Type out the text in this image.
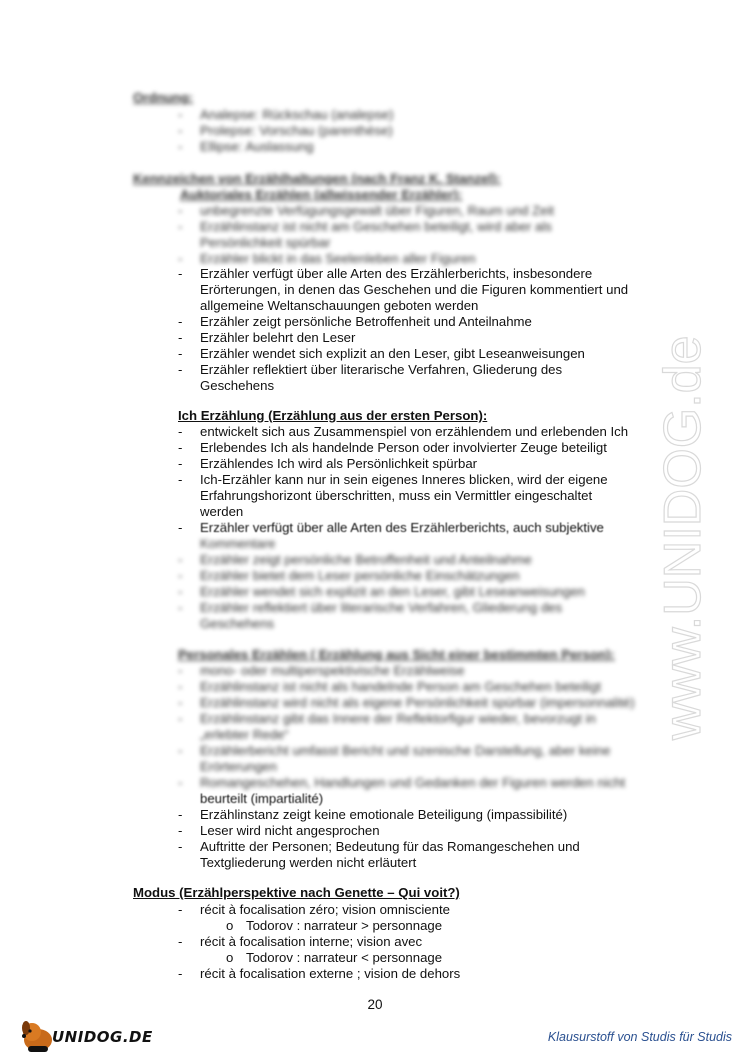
www.UNIDOG.de
20
UNIDOG.DE	Klausurstoff von Studis für Studis
Ordnung:
- Analepse: Rückschau (analepse)
- Prolepse: Vorschau (parenthèse)
- Ellipse: Auslassung
Kennzeichen von Erzählhaltungen (nach Franz K. Stanzel):
Auktoriales Erzählen (allwissender Erzähler):
- unbegrenzte Verfügungsgewalt über Figuren, Raum und Zeit
- Erzählinstanz ist nicht am Geschehen beteiligt, wird aber als
Persönlichkeit spürbar
- Erzähler blickt in das Seelenleben aller Figuren
- Erzähler verfügt über alle Arten des Erzählerberichts, insbesondere
Erörterungen, in denen das Geschehen und die Figuren kommentiert und
allgemeine Weltanschauungen geboten werden
- Erzähler zeigt persönliche Betroffenheit und Anteilnahme
- Erzähler belehrt den Leser
- Erzähler wendet sich explizit an den Leser, gibt Leseanweisungen
- Erzähler reflektiert über literarische Verfahren, Gliederung des
Geschehens
Ich Erzählung (Erzählung aus der ersten Person):
- entwickelt sich aus Zusammenspiel von erzählendem und erlebenden Ich
- Erlebendes Ich als handelnde Person oder involvierter Zeuge beteiligt
- Erzählendes Ich wird als Persönlichkeit spürbar
- Ich-Erzähler kann nur in sein eigenes Inneres blicken, wird der eigene
Erfahrungshorizont überschritten, muss ein Vermittler eingeschaltet
werden
- Erzähler verfügt über alle Arten des Erzählerberichts, auch subjektive
Kommentare
- Erzähler zeigt persönliche Betroffenheit und Anteilnahme
- Erzähler bietet dem Leser persönliche Einschätzungen
- Erzähler wendet sich explizit an den Leser, gibt Leseanweisungen
- Erzähler reflektiert über literarische Verfahren, Gliederung des
Geschehens
Personales Erzählen ( Erzählung aus Sicht einer bestimmten Person):
- mono- oder multiperspektivische Erzählweise
- Erzählinstanz ist nicht als handelnde Person am Geschehen beteiligt
- Erzählinstanz wird nicht als eigene Persönlichkeit spürbar (impersonnalité)
- Erzählinstanz gibt das Innere der Reflektorfigur wieder, bevorzugt in
„erlebter Rede“
- Erzählerbericht umfasst Bericht und szenische Darstellung, aber keine
Erörterungen
- Romangeschehen, Handlungen und Gedanken der Figuren werden nicht
beurteilt (impartialité)
- Erzählinstanz zeigt keine emotionale Beteiligung (impassibilité)
- Leser wird nicht angesprochen
- Auftritte der Personen; Bedeutung für das Romangeschehen und
Textgliederung werden nicht erläutert
Modus (Erzählperspektive nach Genette – Qui voit?)
- récit à focalisation zéro; vision omnisciente
o Todorov : narrateur > personnage
- récit à focalisation interne; vision avec
o Todorov : narrateur < personnage
- récit à focalisation externe ; vision de dehors
